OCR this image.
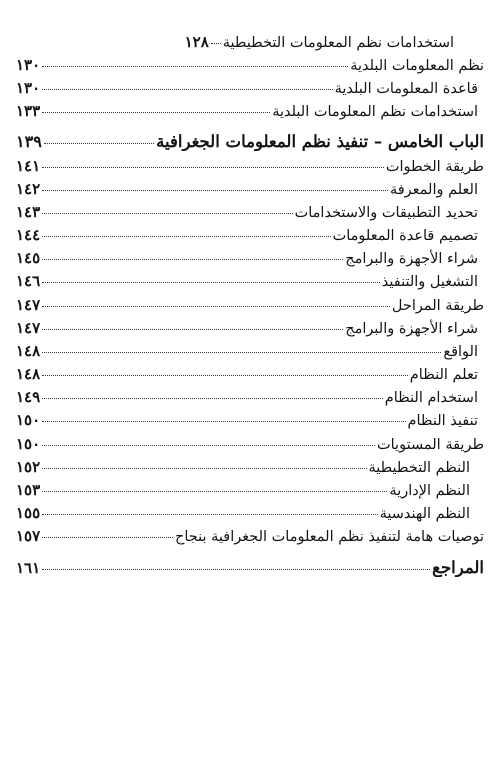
استخدامات نظم المعلومات التخطيطية
١٢٨
نظم المعلومات البلدية
١٣٠
قاعدة المعلومات البلدية
١٣٠
استخدامات نظم المعلومات البلدية
١٣٣
الباب الخامس – تنفيذ نظم المعلومات الجغرافية
١٣٩
طريقة الخطوات
١٤١
العلم والمعرفة
١٤٢
تحديد التطبيقات والاستخدامات
١٤٣
تصميم قاعدة المعلومات
١٤٤
شراء الأجهزة والبرامج
١٤٥
التشغيل والتنفيذ
١٤٦
طريقة المراحل
١٤٧
شراء الأجهزة والبرامج
١٤٧
الواقع
١٤٨
تعلم النظام
١٤٨
استخدام النظام
١٤٩
تنفيذ النظام
١٥٠
طريقة المستويات
١٥٠
النظم التخطيطية
١٥٢
النظم الإدارية
١٥٣
النظم الهندسية
١٥٥
توصيات هامة لتنفيذ نظم المعلومات الجغرافية بنجاح
١٥٧
المراجع
١٦١
